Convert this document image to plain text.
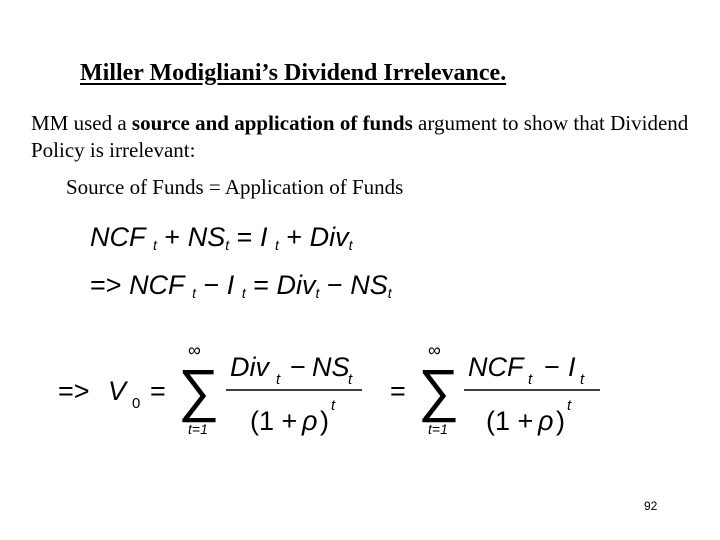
Miller Modigliani’s Dividend Irrelevance.
MM used a source and application of funds argument to show that Dividend Policy is irrelevant:
Source of Funds = Application of Funds
NCF $_t + NS_t = I$ $_t$ + Div$_t$
=> NCF $_t$ − I $_t = Div_t - NS_t$
=> V 0 =
∞
∑
t=1
Div t − NS
t
(1 + ρ )
t =
∞
∑
t=1
NCF t − I t
(1 + ρ )
t
92
